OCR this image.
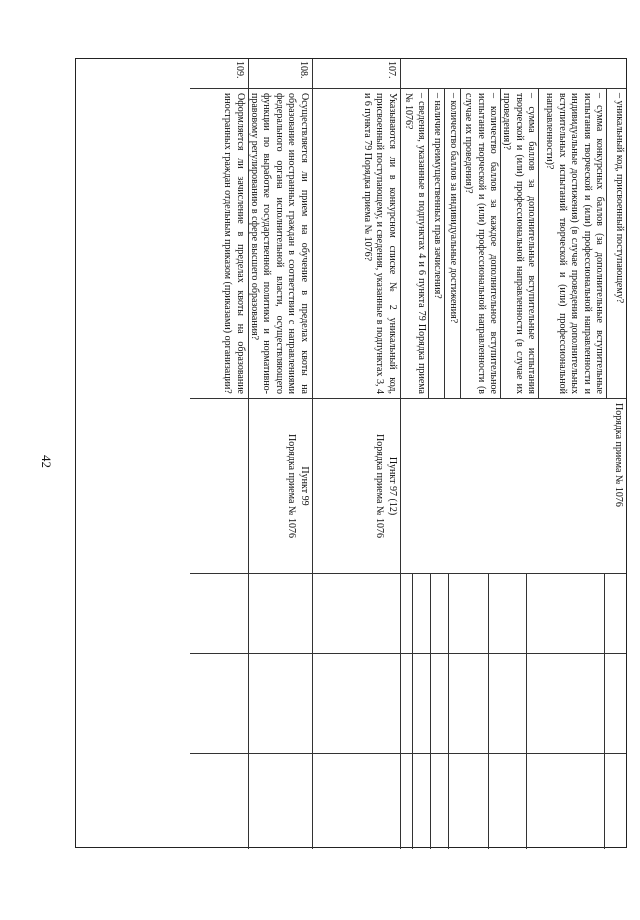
42
– уникальный код, присвоенный поступающему?
– сумма конкурсных баллов (за дополнительные вступительные испытания творческой и (или) профессиональной направленности и индивидуальные достижения) (в случае проведения дополнительных вступительных испытаний творческой и (или) профессиональной направленности)?
– сумма баллов за дополнительные вступительные испытания творческой и (или) профессиональной направленности (в случае их проведения)?
– количество баллов за каждое дополнительное вступительное испытание творческой и (или) профессиональной направленности (в случае их проведения)?
– количество баллов за индивидуальные достижения?
– наличие преимущественных прав зачисления?
– сведения, указанные в подпунктах 4 и 6 пункта 79 Порядка приема № 1076?
Порядка приема № 1076
107.
Указываются ли в конкурсном списке № 2 уникальный код, присвоенный поступающему, и сведения, указанные в подпунктах 3, 4 и 6 пункта 79 Порядка приема № 1076?
Пункт 97 (12)
Порядка приема № 1076
108.
Осуществляется ли прием на обучение в пределах квоты на образование иностранных граждан в соответствии с направлениями федерального органа исполнительной власти, осуществляющего функции по выработке государственной политики и нормативно-правовому регулированию в сфере высшего образования?
Пункт 99
Порядка приема № 1076
109.
Оформляется ли зачисление в пределах квоты на образование иностранных граждан отдельным приказом (приказами) организации?
